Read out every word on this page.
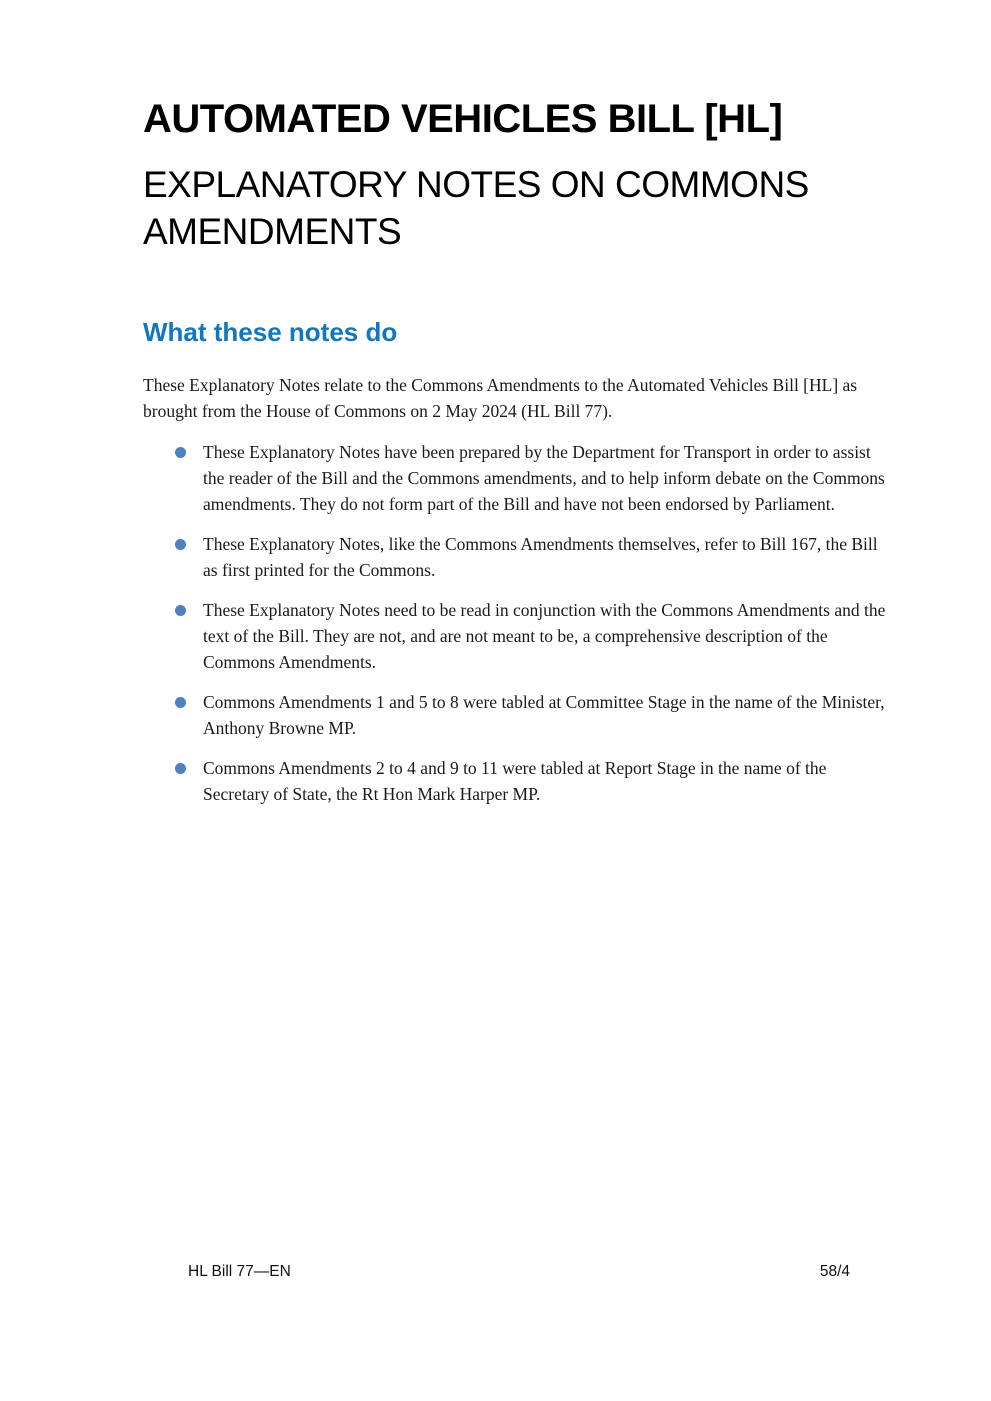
AUTOMATED VEHICLES BILL [HL]
EXPLANATORY NOTES ON COMMONS AMENDMENTS
What these notes do

These Explanatory Notes relate to the Commons Amendments to the Automated Vehicles Bill [HL] as brought from the House of Commons on 2 May 2024 (HL Bill 77).

These Explanatory Notes have been prepared by the Department for Transport in order to assist the reader of the Bill and the Commons amendments, and to help inform debate on the Commons amendments. They do not form part of the Bill and have not been endorsed by Parliament.
These Explanatory Notes, like the Commons Amendments themselves, refer to Bill 167, the Bill as first printed for the Commons.
These Explanatory Notes need to be read in conjunction with the Commons Amendments and the text of the Bill. They are not, and are not meant to be, a comprehensive description of the Commons Amendments.
Commons Amendments 1 and 5 to 8 were tabled at Committee Stage in the name of the Minister, Anthony Browne MP.
Commons Amendments 2 to 4 and 9 to 11 were tabled at Report Stage in the name of the Secretary of State, the Rt Hon Mark Harper MP.
HL Bill 77—EN	58/4
